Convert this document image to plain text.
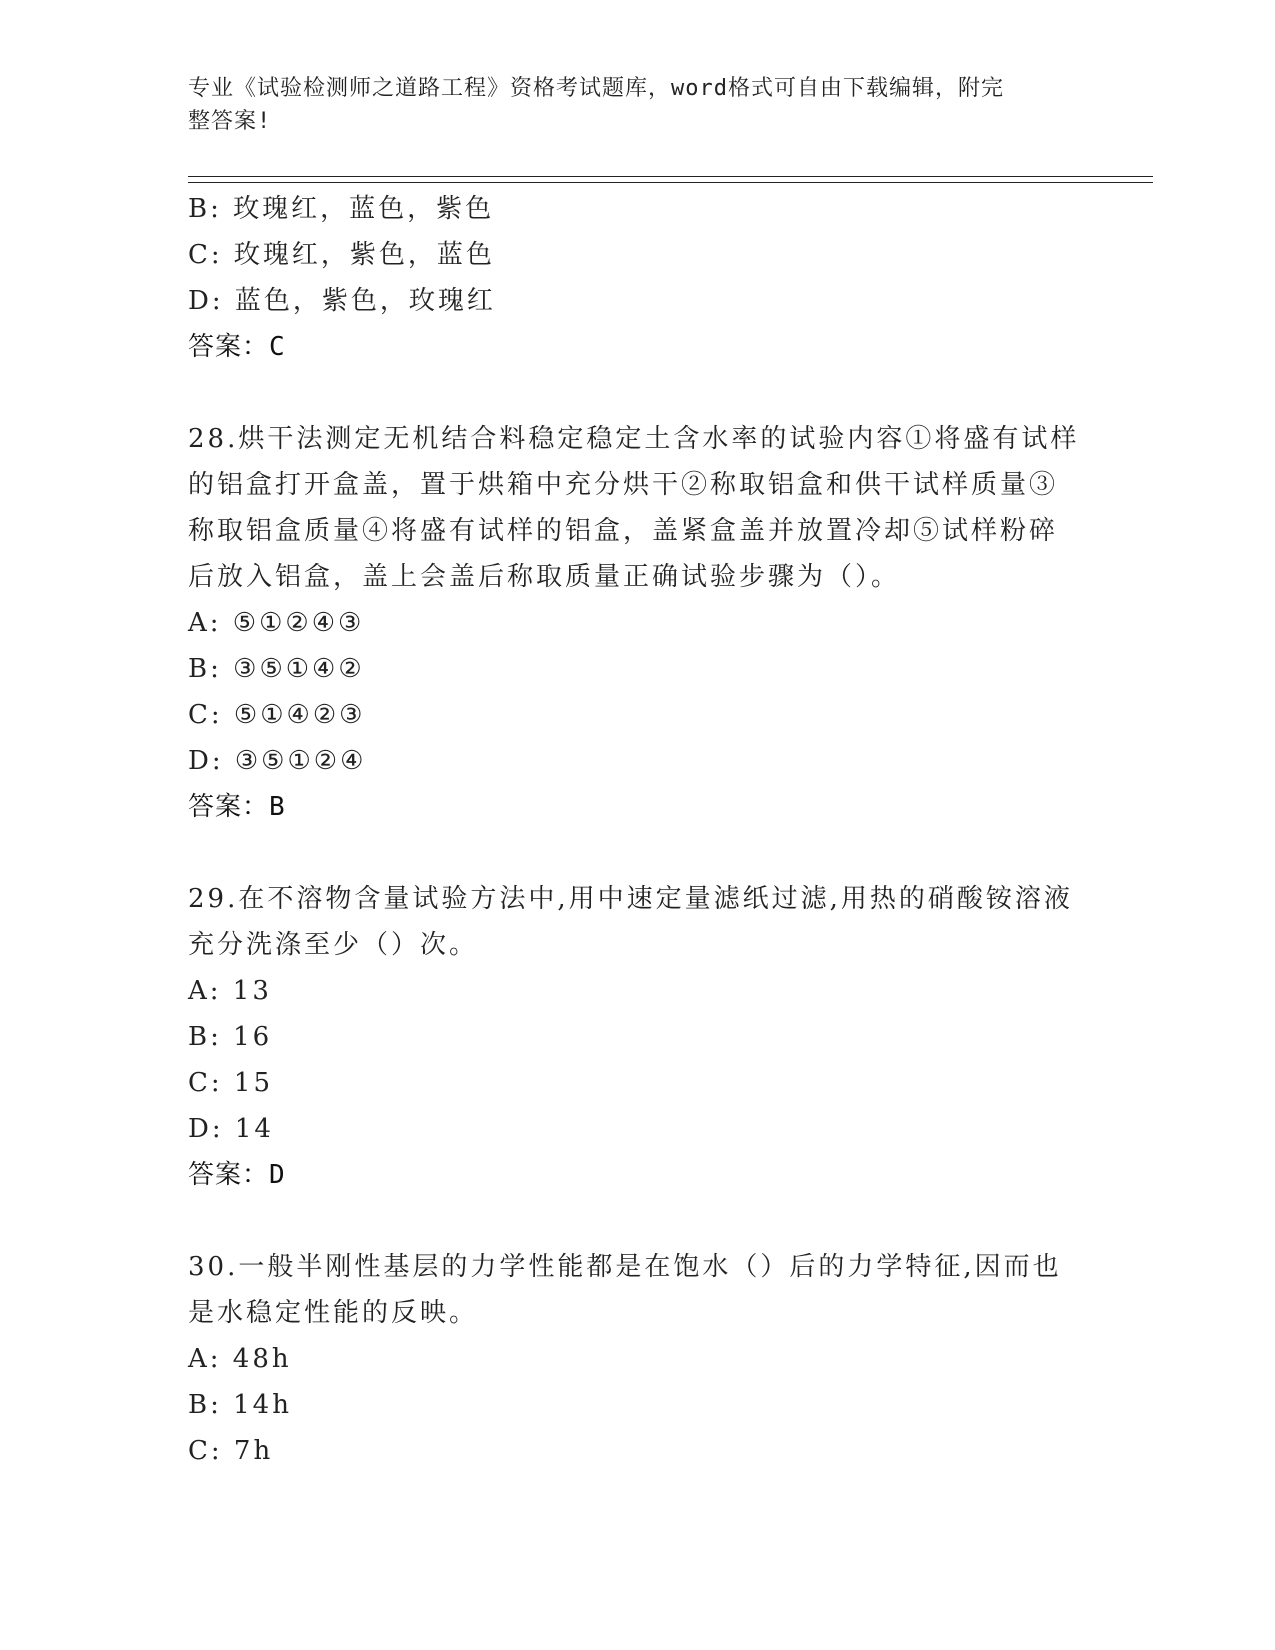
专业《试验检测师之道路工程》资格考试题库，word格式可自由下载编辑，附完
整答案!
B: 玫瑰红，蓝色，紫色
C: 玫瑰红，紫色，蓝色
D: 蓝色，紫色，玫瑰红
答案：C
28.烘干法测定无机结合料稳定稳定土含水率的试验内容①将盛有试样
的铝盒打开盒盖，置于烘箱中充分烘干②称取铝盒和供干试样质量③
称取铝盒质量④将盛有试样的铝盒，盖紧盒盖并放置冷却⑤试样粉碎
后放入铝盒，盖上会盖后称取质量正确试验步骤为（）。
A: ⑤①②④③
B: ③⑤①④②
C: ⑤①④②③
D: ③⑤①②④
答案：B
29.在不溶物含量试验方法中,用中速定量滤纸过滤,用热的硝酸铵溶液
充分洗涤至少（）次。
A: 13
B: 16
C: 15
D: 14
答案：D
30.一般半刚性基层的力学性能都是在饱水（）后的力学特征,因而也
是水稳定性能的反映。
A: 48h
B: 14h
C: 7h
